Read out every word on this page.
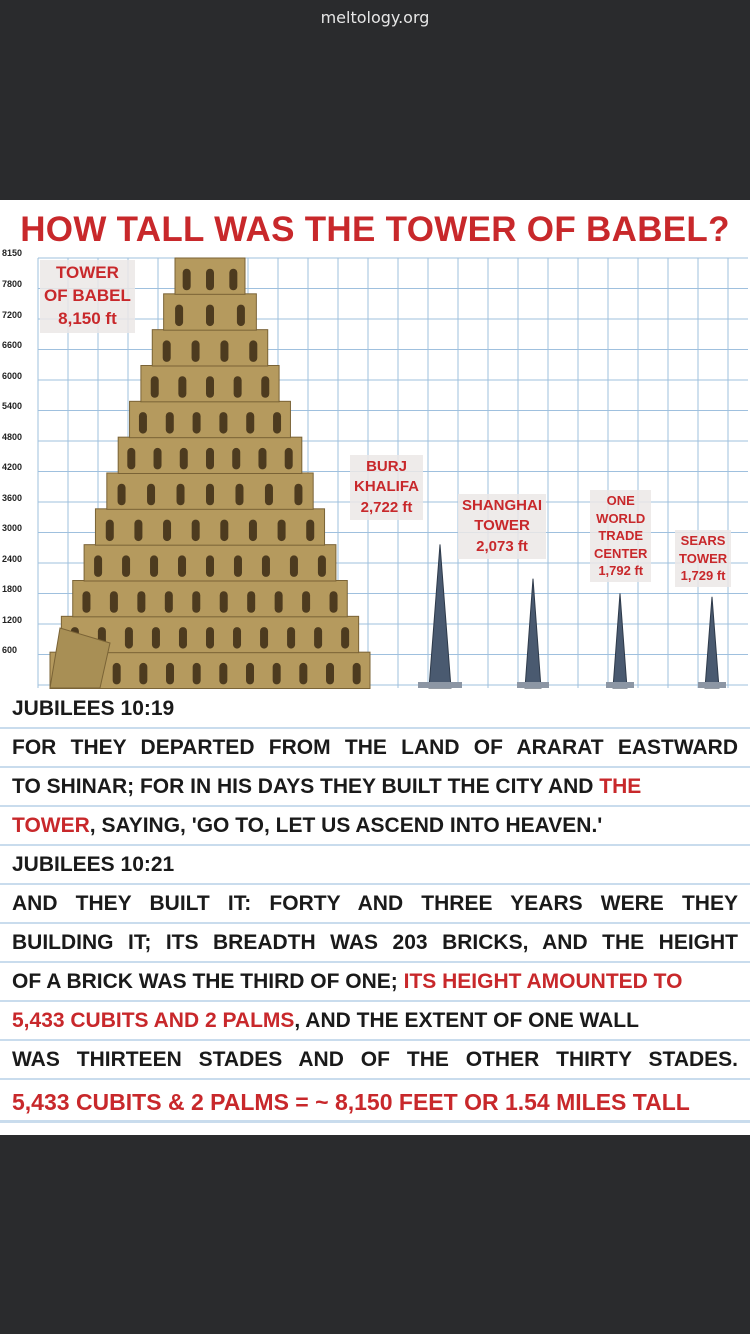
meltology.org
HOW TALL WAS THE TOWER OF BABEL?
8150
7800
7200
6600
6000
5400
4800
4200
3600
3000
2400
1800
1200
600
TOWER
OF BABEL
8,150 ft
BURJ
KHALIFA
2,722 ft	SHANGHAI
TOWER
2,073 ft
ONE
WORLD
TRADE
CENTER
1,792 ft
SEARS
TOWER
1,729 ft
JUBILEES 10:19
FOR THEY DEPARTED FROM THE LAND OF ARARAT EASTWARD
TO SHINAR; FOR IN HIS DAYS THEY BUILT THE CITY AND THE
TOWER, SAYING, 'GO TO, LET US ASCEND INTO HEAVEN.'
JUBILEES 10:21
AND THEY BUILT IT: FORTY AND THREE YEARS WERE THEY
BUILDING IT; ITS BREADTH WAS 203 BRICKS, AND THE HEIGHT
OF A BRICK WAS THE THIRD OF ONE; ITS HEIGHT AMOUNTED TO
5,433 CUBITS AND 2 PALMS, AND THE EXTENT OF ONE WALL
WAS THIRTEEN STADES AND OF THE OTHER THIRTY STADES.
5,433 CUBITS & 2 PALMS = ~ 8,150 FEET OR 1.54 MILES TALL
